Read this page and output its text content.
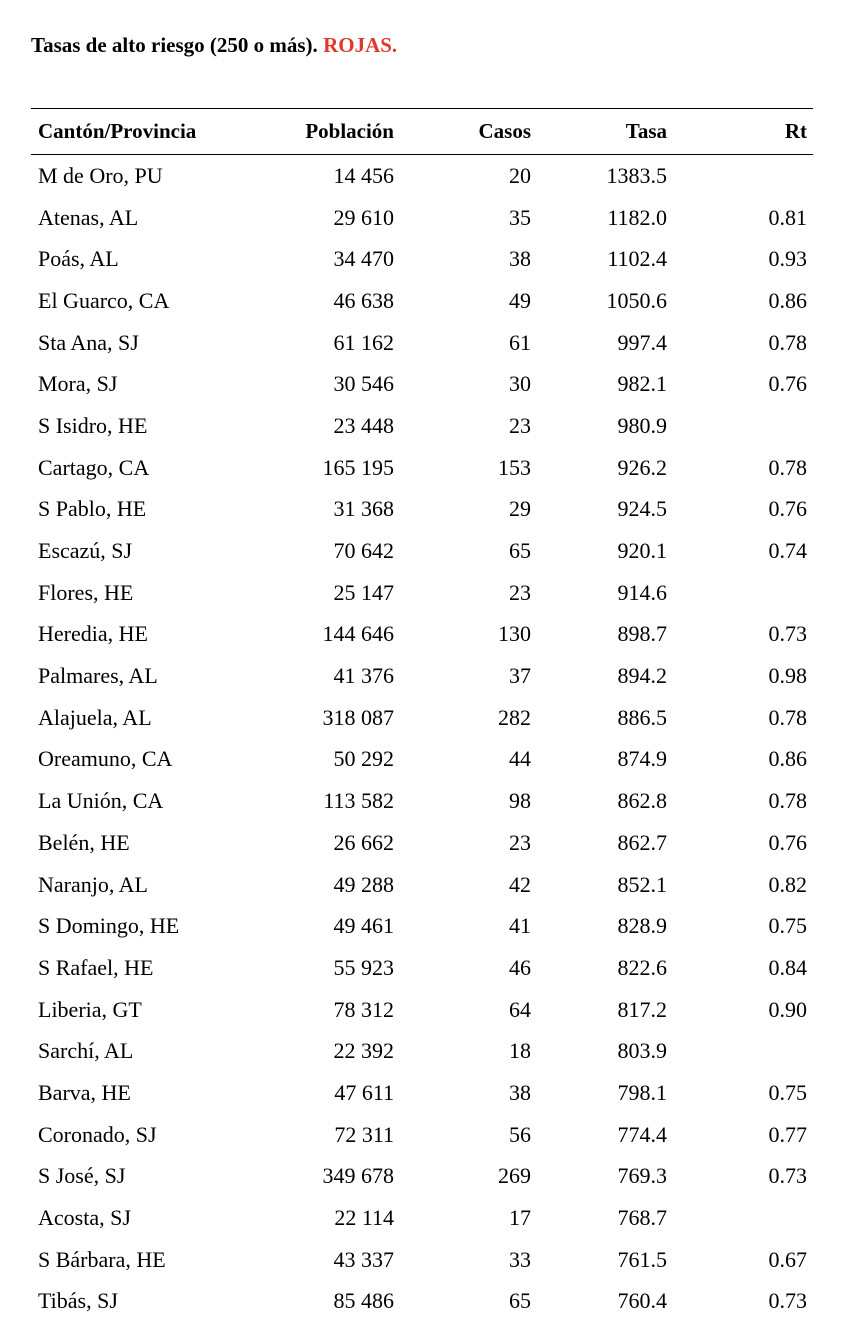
Tasas de alto riesgo (250 o más). ROJAS.
Cantón/Provincia	Población	Casos	Tasa	Rt
M de Oro, PU	14 456	20	1383.5	
Atenas, AL	29 610	35	1182.0	0.81
Poás, AL	34 470	38	1102.4	0.93
El Guarco, CA	46 638	49	1050.6	0.86
Sta Ana, SJ	61 162	61	997.4	0.78
Mora, SJ	30 546	30	982.1	0.76
S Isidro, HE	23 448	23	980.9	
Cartago, CA	165 195	153	926.2	0.78
S Pablo, HE	31 368	29	924.5	0.76
Escazú, SJ	70 642	65	920.1	0.74
Flores, HE	25 147	23	914.6	
Heredia, HE	144 646	130	898.7	0.73
Palmares, AL	41 376	37	894.2	0.98
Alajuela, AL	318 087	282	886.5	0.78
Oreamuno, CA	50 292	44	874.9	0.86
La Unión, CA	113 582	98	862.8	0.78
Belén, HE	26 662	23	862.7	0.76
Naranjo, AL	49 288	42	852.1	0.82
S Domingo, HE	49 461	41	828.9	0.75
S Rafael, HE	55 923	46	822.6	0.84
Liberia, GT	78 312	64	817.2	0.90
Sarchí, AL	22 392	18	803.9	
Barva, HE	47 611	38	798.1	0.75
Coronado, SJ	72 311	56	774.4	0.77
S José, SJ	349 678	269	769.3	0.73
Acosta, SJ	22 114	17	768.7	
S Bárbara, HE	43 337	33	761.5	0.67
Tibás, SJ	85 486	65	760.4	0.73
